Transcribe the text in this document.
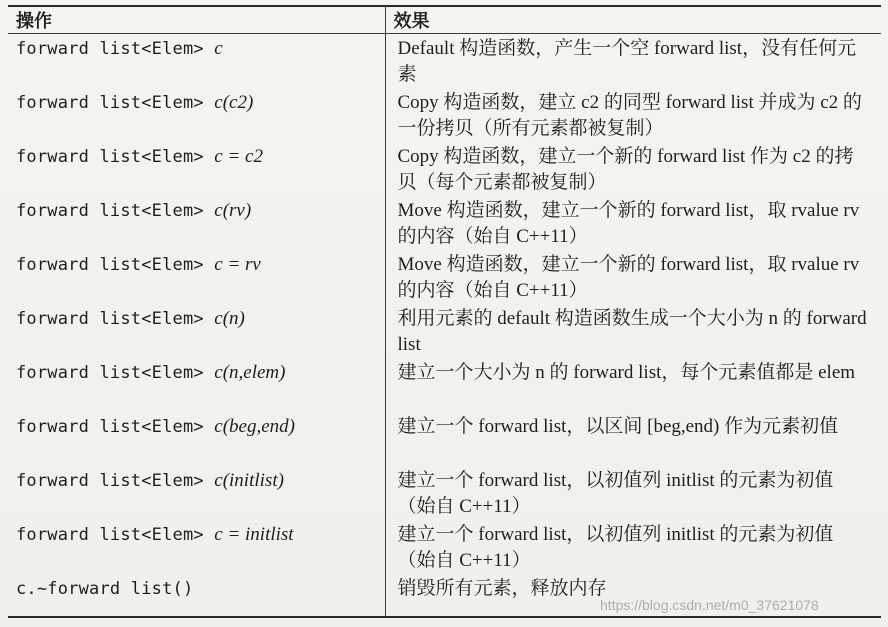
操作	效果
forward list<Elem> c	Default 构造函数，产生一个空 forward list，没有任何元素

forward list<Elem> c(c2)	Copy 构造函数，建立 c2 的同型 forward list 并成为 c2 的一份拷贝（所有元素都被复制）

forward list<Elem> c = c2	Copy 构造函数，建立一个新的 forward list 作为 c2 的拷贝（每个元素都被复制）

forward list<Elem> c(rv)	Move 构造函数，建立一个新的 forward list，取 rvalue rv 的内容（始自 C++11）

forward list<Elem> c = rv	Move 构造函数，建立一个新的 forward list，取 rvalue rv 的内容（始自 C++11）

forward list<Elem> c(n)	利用元素的 default 构造函数生成一个大小为 n 的 forward list

forward list<Elem> c(n,elem)	建立一个大小为 n 的 forward list，每个元素值都是 elem

forward list<Elem> c(beg,end)	建立一个 forward list，以区间 [beg,end) 作为元素初值

forward list<Elem> c(initlist)	建立一个 forward list，以初值列 initlist 的元素为初值（始自 C++11）

forward list<Elem> c = initlist	建立一个 forward list，以初值列 initlist 的元素为初值（始自 C++11）

c.~forward list()	销毁所有元素，释放内存
https://blog.csdn.net/m0_37621078
